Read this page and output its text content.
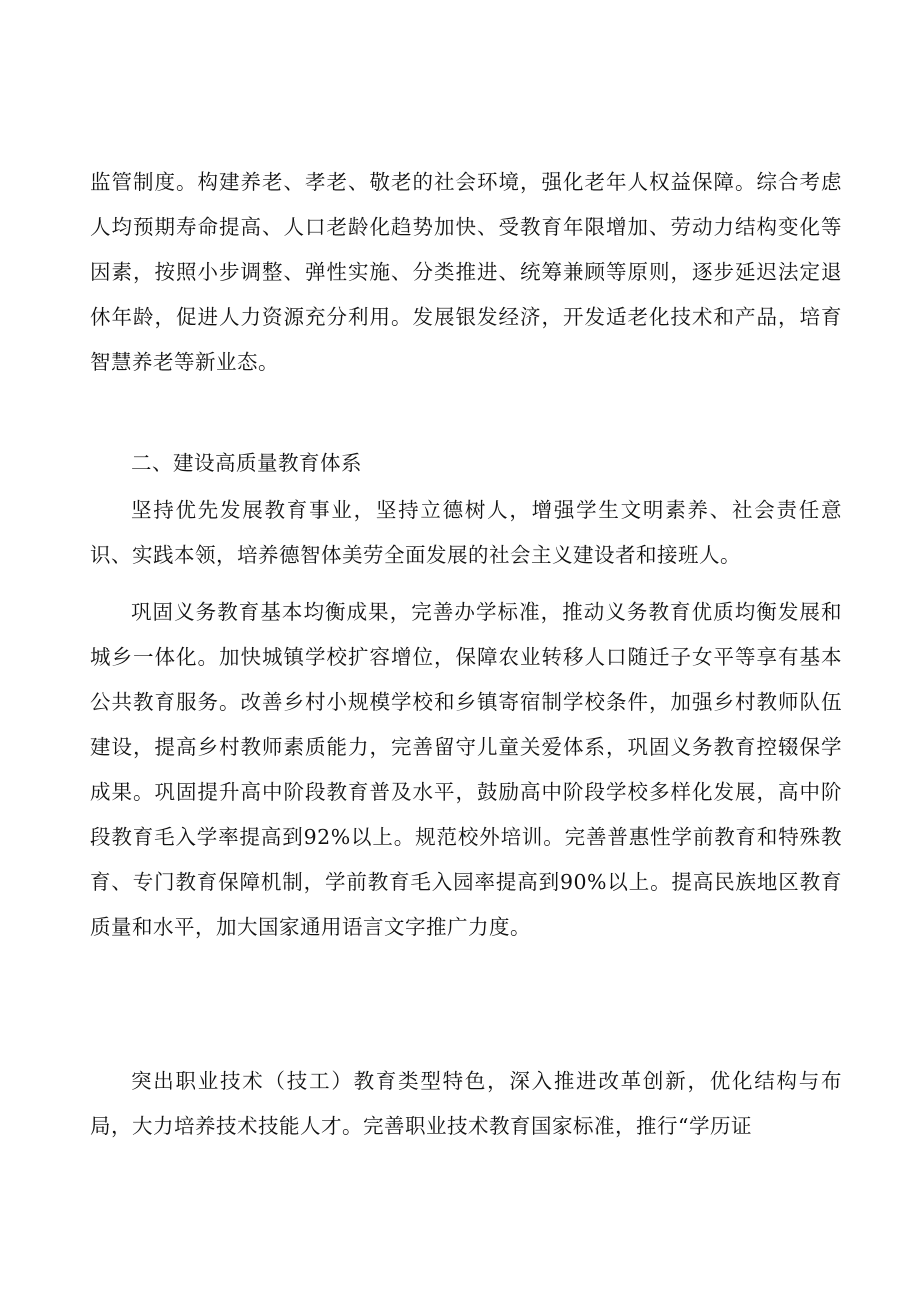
监管制度。构建养老、孝老、敬老的社会环境，强化老年人权益保障。综合考虑人均预期寿命提高、人口老龄化趋势加快、受教育年限增加、劳动力结构变化等因素，按照小步调整、弹性实施、分类推进、统筹兼顾等原则，逐步延迟法定退休年龄，促进人力资源充分利用。发展银发经济，开发适老化技术和产品，培育智慧养老等新业态。

二、建设高质量教育体系

坚持优先发展教育事业，坚持立德树人，增强学生文明素养、社会责任意识、实践本领，培养德智体美劳全面发展的社会主义建设者和接班人。

巩固义务教育基本均衡成果，完善办学标准，推动义务教育优质均衡发展和城乡一体化。加快城镇学校扩容增位，保障农业转移人口随迁子女平等享有基本公共教育服务。改善乡村小规模学校和乡镇寄宿制学校条件，加强乡村教师队伍建设，提高乡村教师素质能力，完善留守儿童关爱体系，巩固义务教育控辍保学成果。巩固提升高中阶段教育普及水平，鼓励高中阶段学校多样化发展，高中阶段教育毛入学率提高到92%以上。规范校外培训。完善普惠性学前教育和特殊教育、专门教育保障机制，学前教育毛入园率提高到90%以上。提高民族地区教育质量和水平，加大国家通用语言文字推广力度。

突出职业技术（技工）教育类型特色，深入推进改革创新，优化结构与布局，大力培养技术技能人才。完善职业技术教育国家标准，推行“学历证
